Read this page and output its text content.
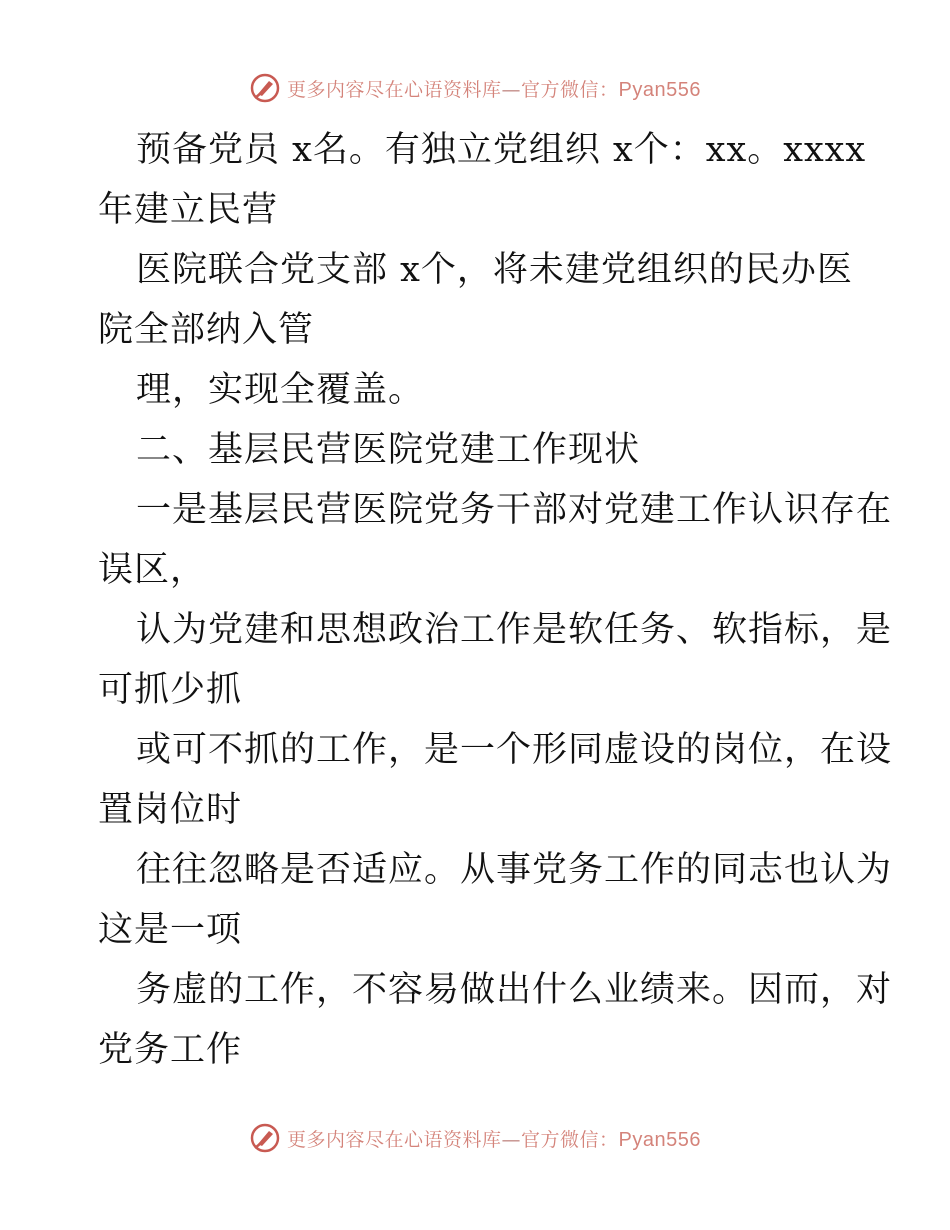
更多内容尽在心语资料库—官方微信：Pyan556

预备党员 x名。有独立党组织 x个：xx。xxxx
年建立民营

医院联合党支部 x个，将未建党组织的民办医
院全部纳入管

理，实现全覆盖。

二、基层民营医院党建工作现状

一是基层民营医院党务干部对党建工作认识存在
误区，

认为党建和思想政治工作是软任务、软指标，是
可抓少抓

或可不抓的工作，是一个形同虚设的岗位，在设
置岗位时

往往忽略是否适应。从事党务工作的同志也认为
这是一项

务虚的工作，不容易做出什么业绩来。因而，对
党务工作

更多内容尽在心语资料库—官方微信：Pyan556
